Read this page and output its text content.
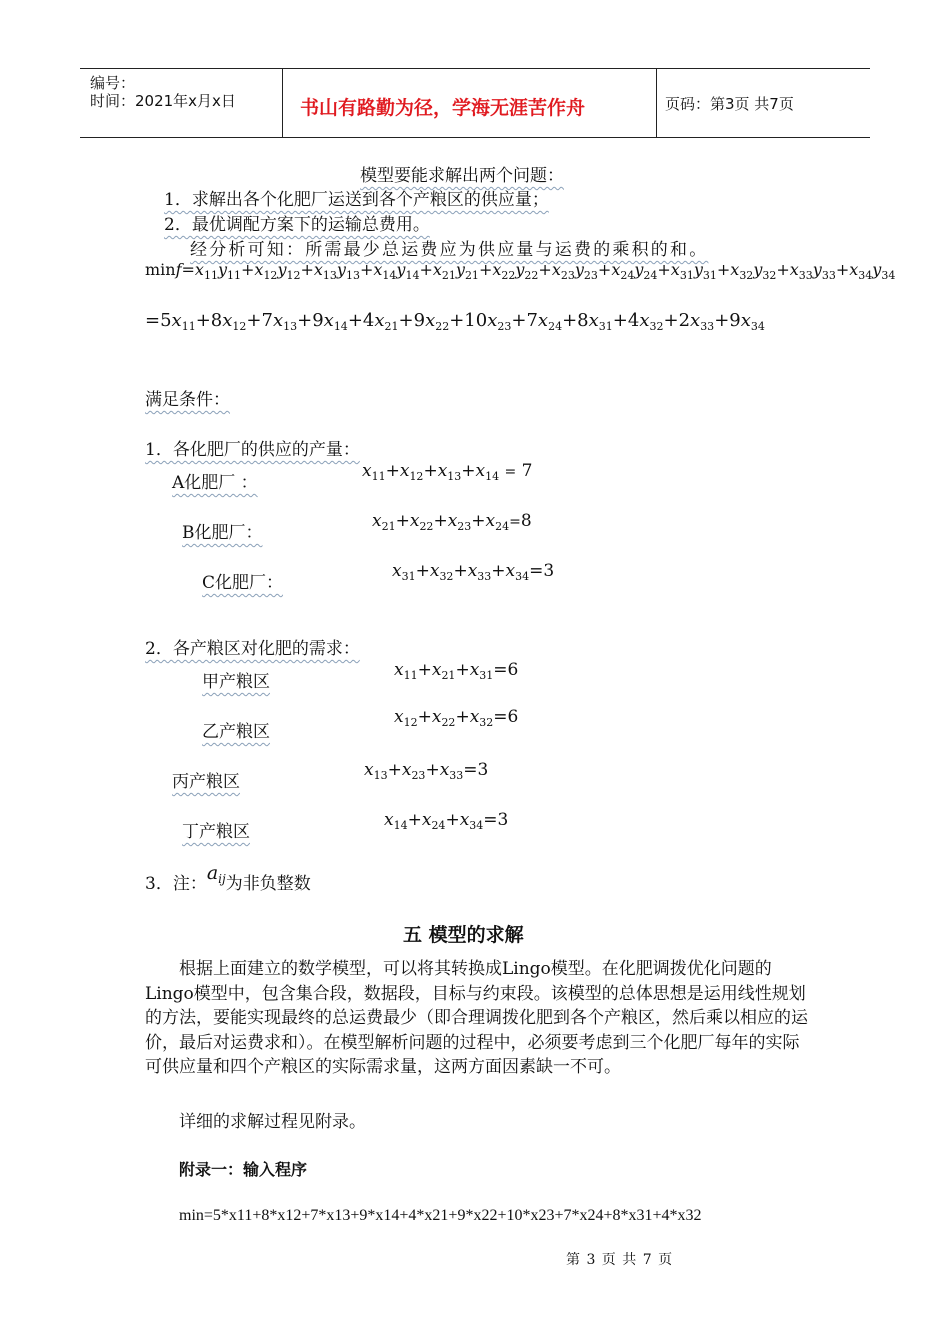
编号：
时间：2021年x月x日	书山有路勤为径，学海无涯苦作舟	页码：第3页 共7页
模型要能求解出两个问题：
1．求解出各个化肥厂运送到各个产粮区的供应量；
2．最优调配方案下的运输总费用。
经分析可知：所需最少总运费应为供应量与运费的乘积的和。
$\min f=x_{11}y_{11}+x_{12}y_{12}+x_{13}y_{13}+x_{14}y_{14}+x_{21}y_{21}+x_{22}y_{22}+x_{23}y_{23}+x_{24}y_{24}+x_{31}y_{31}+x_{32}y_{32}+x_{33}y_{33}+x_{34}y_{34}$
$=5x_{11}+8x_{12}+7x_{13}+9x_{14}+4x_{21}+9x_{22}+10x_{23}+7x_{24}+8x_{31}+4x_{32}+2x_{33}+9x_{34}$
满足条件：
1．各化肥厂的供应的产量：
A化肥厂 ：
$x_{11}+x_{12}+x_{13}+x_{14} = 7$
B化肥厂：
$x_{21}+x_{22}+x_{23}+x_{24}=8$
C化肥厂：
$x_{31}+x_{32}+x_{33}+x_{34}=3$
2．各产粮区对化肥的需求：
甲产粮区
$x_{11}+x_{21}+x_{31}=6$
乙产粮区
$x_{12}+x_{22}+x_{32}=6$
丙产粮区
$x_{13}+x_{23}+x_{33}=3$
丁产粮区
$x_{14}+x_{24}+x_{34}=3$
3．注：$a_{ij}$为非负整数
五 模型的求解
根据上面建立的数学模型，可以将其转换成Lingo模型。在化肥调拨优化问题的Lingo模型中，包含集合段，数据段，目标与约束段。该模型的总体思想是运用线性规划的方法，要能实现最终的总运费最少（即合理调拨化肥到各个产粮区，然后乘以相应的运价，最后对运费求和）。在模型解析问题的过程中，必须要考虑到三个化肥厂每年的实际可供应量和四个产粮区的实际需求量，这两方面因素缺一不可。
详细的求解过程见附录。
附录一：输入程序
min=5*x11+8*x12+7*x13+9*x14+4*x21+9*x22+10*x23+7*x24+8*x31+4*x32
第 3 页 共 7 页
